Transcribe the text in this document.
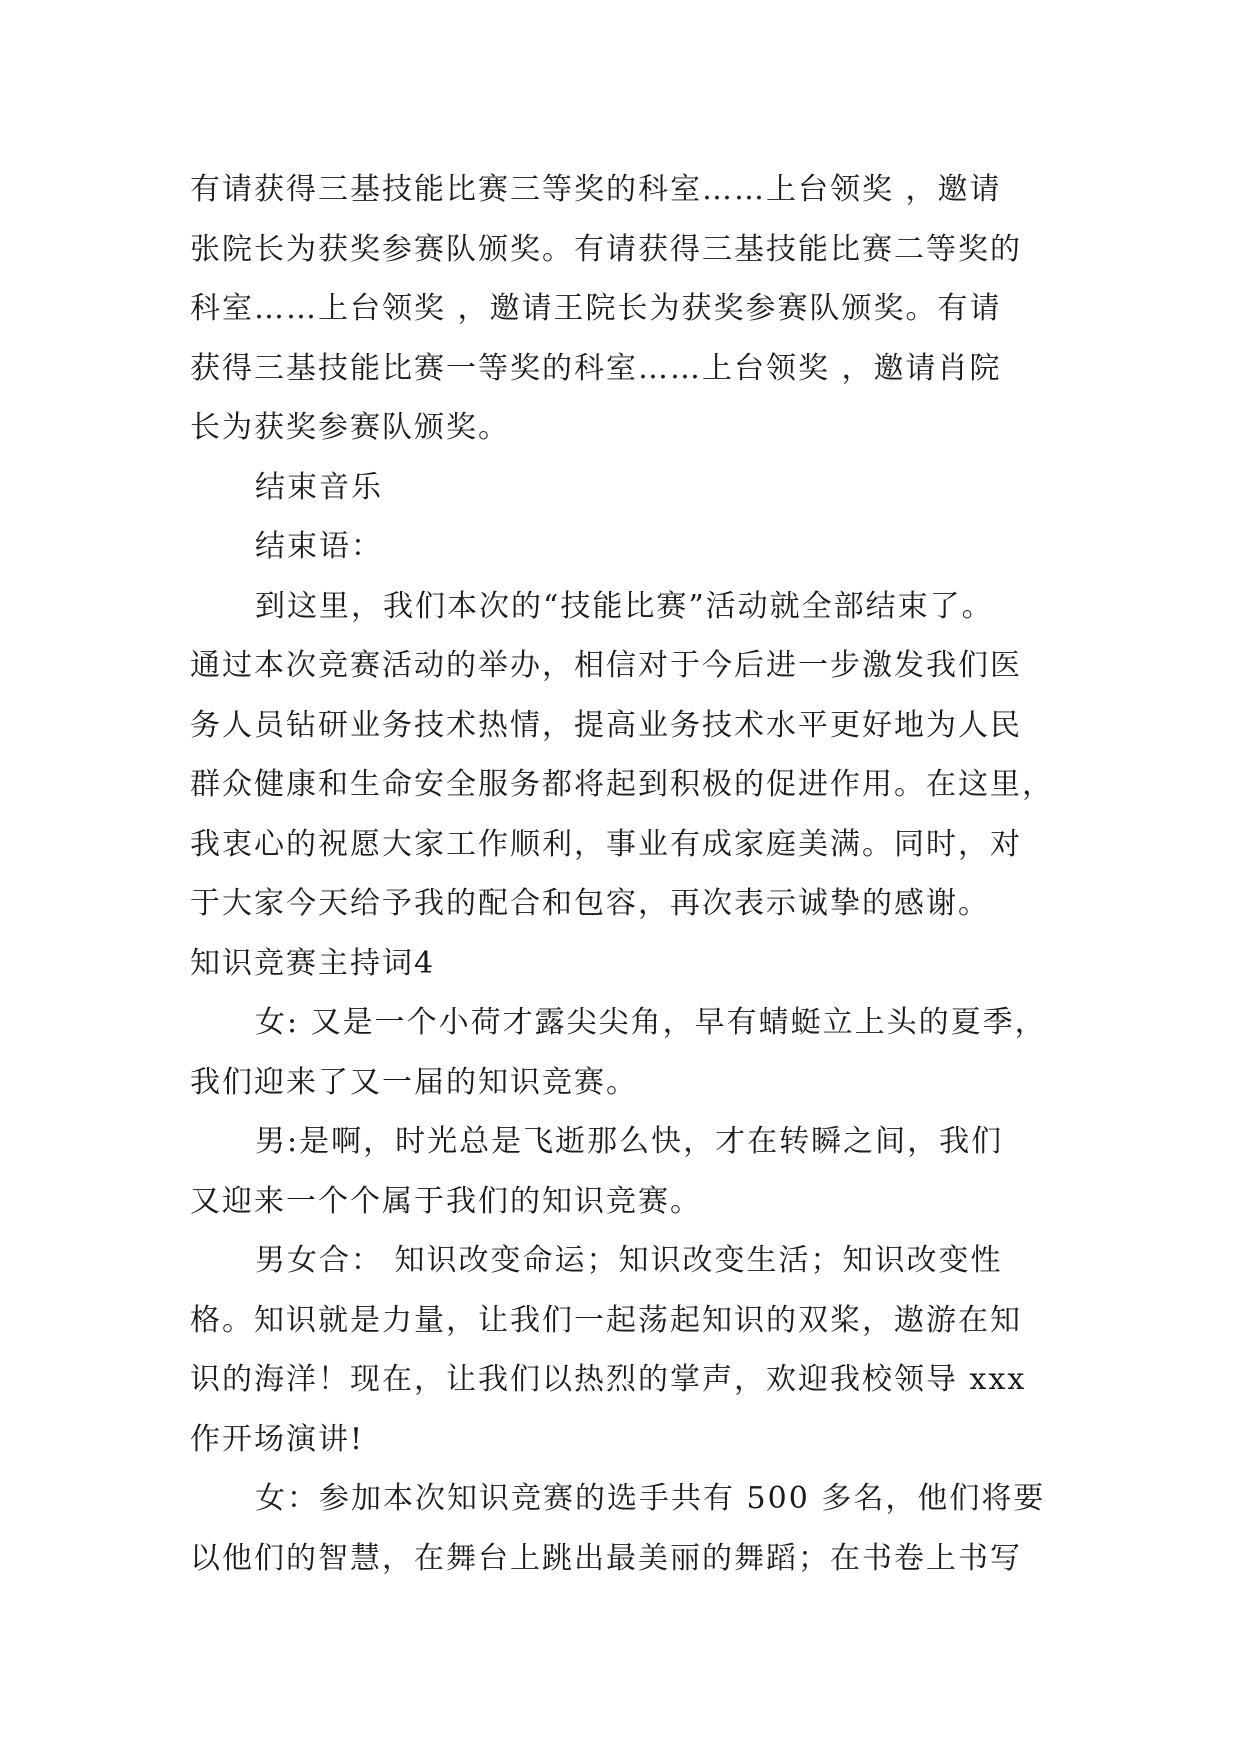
有请获得三基技能比赛三等奖的科室……上台领奖 ，邀请
张院长为获奖参赛队颁奖。有请获得三基技能比赛二等奖的
科室……上台领奖 ，邀请王院长为获奖参赛队颁奖。有请
获得三基技能比赛一等奖的科室……上台领奖 ，邀请肖院
长为获奖参赛队颁奖。
结束音乐
结束语：
到这里，我们本次的“技能比赛”活动就全部结束了。
通过本次竞赛活动的举办，相信对于今后进一步激发我们医
务人员钻研业务技术热情，提高业务技术水平更好地为人民
群众健康和生命安全服务都将起到积极的促进作用。在这里，
我衷心的祝愿大家工作顺利，事业有成家庭美满。同时，对
于大家今天给予我的配合和包容，再次表示诚挚的感谢。
知识竞赛主持词4
女: 又是一个小荷才露尖尖角，早有蜻蜓立上头的夏季，
我们迎来了又一届的知识竞赛。
男:是啊，时光总是飞逝那么快，才在转瞬之间，我们
又迎来一个个属于我们的知识竞赛。
男女合： 知识改变命运；知识改变生活；知识改变性
格。知识就是力量，让我们一起荡起知识的双桨，遨游在知
识的海洋！现在，让我们以热烈的掌声，欢迎我校领导 xxx
作开场演讲!
女：参加本次知识竞赛的选手共有 500 多名，他们将要
以他们的智慧，在舞台上跳出最美丽的舞蹈；在书卷上书写
